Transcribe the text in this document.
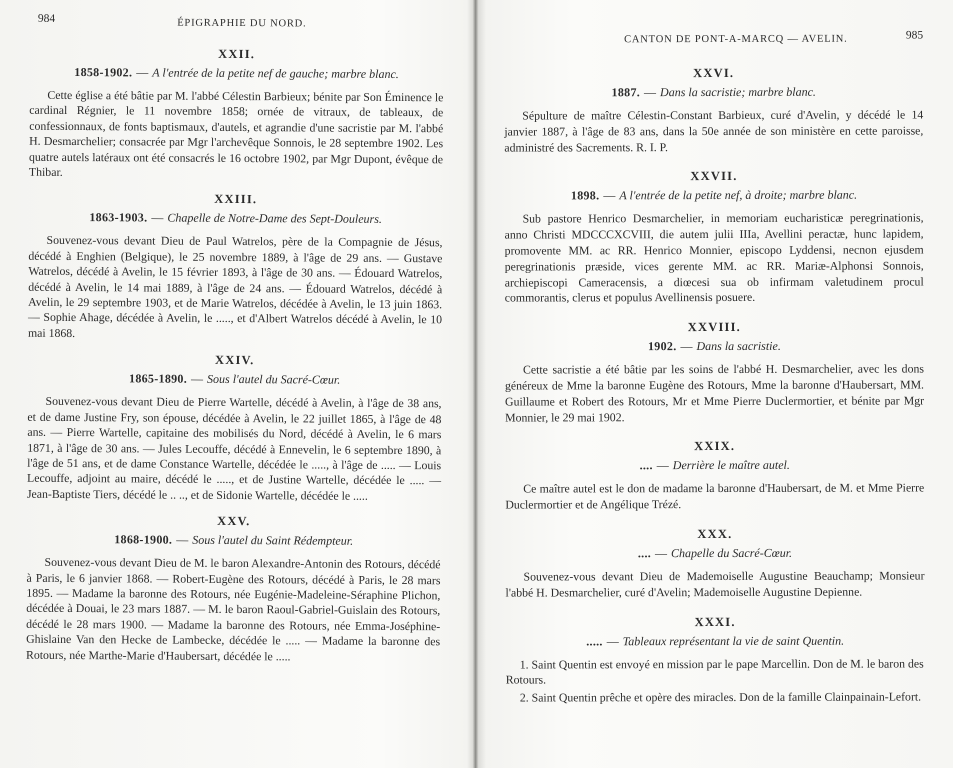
984	ÉPIGRAPHIE DU NORD.
XXII.
1858-1902. — A l'entrée de la petite nef de gauche; marbre blanc.

Cette église a été bâtie par M. l'abbé Célestin Barbieux; bénite par Son Éminence le cardinal Régnier, le 11 novembre 1858; ornée de vitraux, de tableaux, de confessionnaux, de fonts baptismaux, d'autels, et agrandie d'une sacristie par M. l'abbé H. Desmarchelier; consacrée par Mgr l'archevêque Sonnois, le 28 septembre 1902. Les quatre autels latéraux ont été consacrés le 16 octobre 1902, par Mgr Dupont, évêque de Thibar.

XXIII.
1863-1903. — Chapelle de Notre-Dame des Sept-Douleurs.

Souvenez-vous devant Dieu de Paul Watrelos, père de la Compagnie de Jésus, décédé à Enghien (Belgique), le 25 novembre 1889, à l'âge de 29 ans. — Gustave Watrelos, décédé à Avelin, le 15 février 1893, à l'âge de 30 ans. — Édouard Watrelos, décédé à Avelin, le 14 mai 1889, à l'âge de 24 ans. — Édouard Watrelos, décédé à Avelin, le 29 septembre 1903, et de Marie Watrelos, décédée à Avelin, le 13 juin 1863. — Sophie Ahage, décédée à Avelin, le ....., et d'Albert Watrelos décédé à Avelin, le 10 mai 1868.

XXIV.
1865-1890. — Sous l'autel du Sacré-Cœur.

Souvenez-vous devant Dieu de Pierre Wartelle, décédé à Avelin, à l'âge de 38 ans, et de dame Justine Fry, son épouse, décédée à Avelin, le 22 juillet 1865, à l'âge de 48 ans. — Pierre Wartelle, capitaine des mobilisés du Nord, décédé à Avelin, le 6 mars 1871, à l'âge de 30 ans. — Jules Lecouffe, décédé à Ennevelin, le 6 septembre 1890, à l'âge de 51 ans, et de dame Constance Wartelle, décédée le ....., à l'âge de ..... — Louis Lecouffe, adjoint au maire, décédé le ....., et de Justine Wartelle, décédée le ..... — Jean-Baptiste Tiers, décédé le .. .., et de Sidonie Wartelle, décédée le .....

XXV.
1868-1900. — Sous l'autel du Saint Rédempteur.

Souvenez-vous devant Dieu de M. le baron Alexandre-Antonin des Rotours, décédé à Paris, le 6 janvier 1868. — Robert-Eugène des Rotours, décédé à Paris, le 28 mars 1895. — Madame la baronne des Rotours, née Eugénie-Madeleine-Séraphine Plichon, décédée à Douai, le 23 mars 1887. — M. le baron Raoul-Gabriel-Guislain des Rotours, décédé le 28 mars 1900. — Madame la baronne des Rotours, née Emma-Joséphine-Ghislaine Van den Hecke de Lambecke, décédée le ..... — Madame la baronne des Rotours, née Marthe-Marie d'Haubersart, décédée le .....

CANTON DE PONT-A-MARCQ — AVELIN.	985
XXVI.
1887. — Dans la sacristie; marbre blanc.

Sépulture de maître Célestin-Constant Barbieux, curé d'Avelin, y décédé le 14 janvier 1887, à l'âge de 83 ans, dans la 50e année de son ministère en cette paroisse, administré des Sacrements. R. I. P.

XXVII.
1898. — A l'entrée de la petite nef, à droite; marbre blanc.

Sub pastore Henrico Desmarchelier, in memoriam eucharisticæ peregrinationis, anno Christi MDCCCXCVIII, die autem julii IIIa, Avellini peractæ, hunc lapidem, promovente MM. ac RR. Henrico Monnier, episcopo Lyddensi, necnon ejusdem peregrinationis præside, vices gerente MM. ac RR. Mariæ-Alphonsi Sonnois, archiepiscopi Cameracensis, a diœcesi sua ob infirmam valetudinem procul commorantis, clerus et populus Avellinensis posuere.

XXVIII.
1902. — Dans la sacristie.

Cette sacristie a été bâtie par les soins de l'abbé H. Desmarchelier, avec les dons généreux de Mme la baronne Eugène des Rotours, Mme la baronne d'Haubersart, MM. Guillaume et Robert des Rotours, Mr et Mme Pierre Duclermortier, et bénite par Mgr Monnier, le 29 mai 1902.

XXIX.
.... — Derrière le maître autel.

Ce maître autel est le don de madame la baronne d'Haubersart, de M. et Mme Pierre Duclermortier et de Angélique Trézé.

XXX.
.... — Chapelle du Sacré-Cœur.

Souvenez-vous devant Dieu de Mademoiselle Augustine Beauchamp; Monsieur l'abbé H. Desmarchelier, curé d'Avelin; Mademoiselle Augustine Depienne.

XXXI.
..... — Tableaux représentant la vie de saint Quentin.

1. Saint Quentin est envoyé en mission par le pape Marcellin. Don de M. le baron des Rotours.

2. Saint Quentin prêche et opère des miracles. Don de la famille Clainpainain-Lefort.
